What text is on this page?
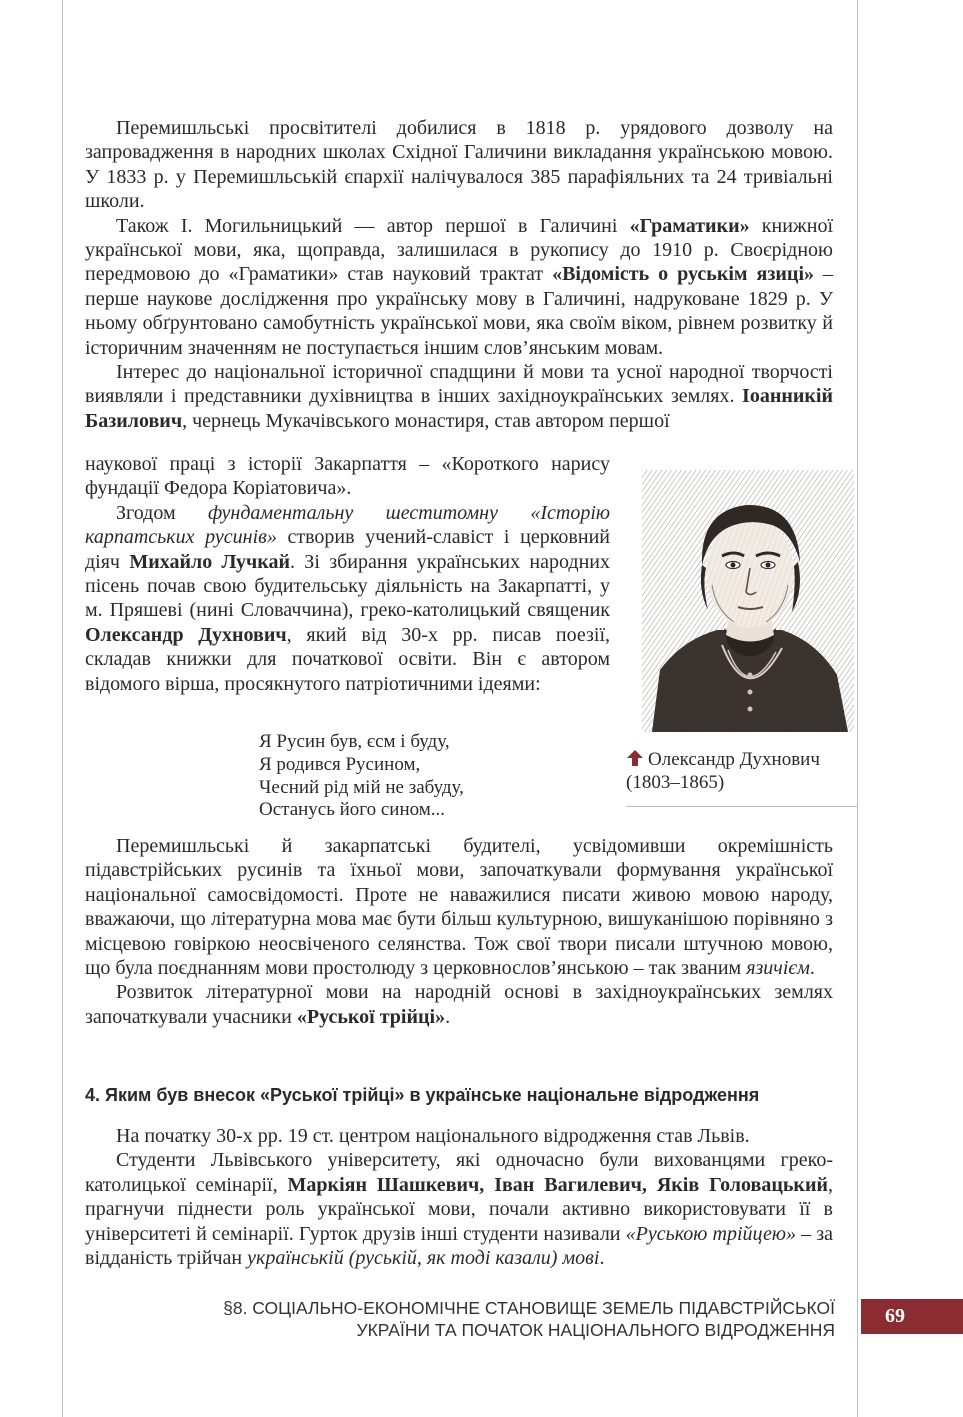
Перемишльські просвітителі добилися в 1818 р. урядового дозволу на запровадження в народних школах Східної Галичини викладання українською мовою. У 1833 р. у Перемишльській єпархії налічувалося 385 парафіяльних та 24 тривіальні школи.

Також І. Могильницький — автор першої в Галичині «Граматики» книжної української мови, яка, щоправда, залишилася в рукопису до 1910 р. Своєрідною передмовою до «Граматики» став науковий трактат «Відомість о руськім язиці» – перше наукове дослідження про українську мову в Галичині, надруковане 1829 р. У ньому обґрунтовано самобутність української мови, яка своїм віком, рівнем розвитку й історичним значенням не поступається іншим слов’янським мовам.

Інтерес до національної історичної спадщини й мови та усної народної творчості виявляли і представники духівництва в інших західноукраїнських землях. Іоанникій Базилович, чернець Мукачівського монастиря, став автором першої

наукової праці з історії Закарпаття – «Короткого нарису фундації Федора Коріатовича».

Згодом фундаментальну шеститомну «Історію карпатських русинів» створив учений-славіст і церковний діяч Михайло Лучкай. Зі збирання українських народних пісень почав свою будительську діяльність на Закарпатті, у м. Пряшеві (нині Словаччина), греко-католицький священик Олександр Духнович, який від 30-х рр. писав поезії, складав книжки для початкової освіти. Він є автором відомого вірша, просякнутого патріотичними ідеями:

Я Русин був, єсм і буду,
Я родився Русином,
Чесний рід мій не забуду,
Останусь його сином...
Олександр Духнович
(1803–1865)

Перемишльські й закарпатські будителі, усвідомивши окремішність підавстрійських русинів та їхньої мови, започаткували формування української національної самосвідомості. Проте не наважилися писати живою мовою народу, вважаючи, що літературна мова має бути більш культурною, вишуканішою порівняно з місцевою говіркою неосвіченого селянства. Тож свої твори писали штучною мовою, що була поєднанням мови простолюду з церковнослов’янською – так званим язичієм.

Розвиток літературної мови на народній основі в західноукраїнських землях започаткували учасники «Руської трійці».

4. Яким був внесок «Руської трійці» в українське національне відродження

На початку 30-х рр. 19 ст. центром національного відродження став Львів.

Студенти Львівського університету, які одночасно були вихованцями греко-католицької семінарії, Маркіян Шашкевич, Іван Вагилевич, Яків Головацький, прагнучи піднести роль української мови, почали активно використовувати її в університеті й семінарії. Гурток друзів інші студенти називали «Руською трійцею» – за відданість трійчан українській (руській, як тоді казали) мові.

§8. СОЦІАЛЬНО-ЕКОНОМІЧНЕ СТАНОВИЩЕ ЗЕМЕЛЬ ПІДАВСТРІЙСЬКОЇ
УКРАЇНИ ТА ПОЧАТОК НАЦІОНАЛЬНОГО ВІДРОДЖЕННЯ
69
